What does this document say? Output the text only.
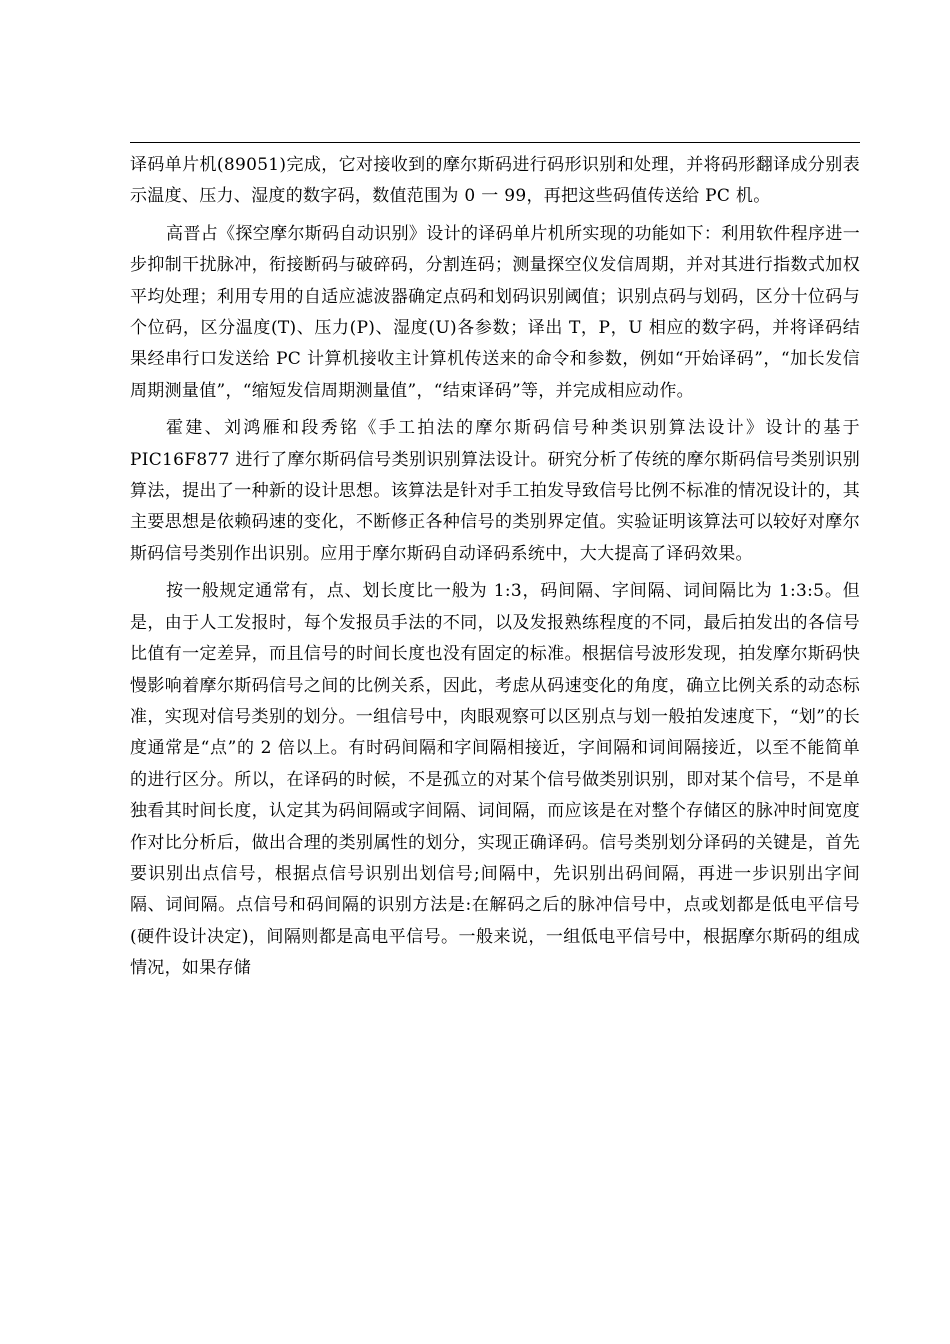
译码单片机(89051)完成，它对接收到的摩尔斯码进行码形识别和处理，并将码形翻译成分别表示温度、压力、湿度的数字码，数值范围为 0 一 99，再把这些码值传送给 PC 机。

高晋占《探空摩尔斯码自动识别》设计的译码单片机所实现的功能如下：利用软件程序进一步抑制干扰脉冲，衔接断码与破碎码，分割连码；测量探空仪发信周期，并对其进行指数式加权平均处理；利用专用的自适应滤波器确定点码和划码识别阈值；识别点码与划码，区分十位码与个位码，区分温度(T)、压力(P)、湿度(U)各参数；译出 T，P，U 相应的数字码，并将译码结果经串行口发送给 PC 计算机接收主计算机传送来的命令和参数，例如“开始译码”，“加长发信周期测量值”，“缩短发信周期测量值”，“结束译码”等，并完成相应动作。

霍建、刘鸿雁和段秀铭《手工拍法的摩尔斯码信号种类识别算法设计》设计的基于 PIC16F877 进行了摩尔斯码信号类别识别算法设计。研究分析了传统的摩尔斯码信号类别识别算法，提出了一种新的设计思想。该算法是针对手工拍发导致信号比例不标准的情况设计的，其主要思想是依赖码速的变化，不断修正各种信号的类别界定值。实验证明该算法可以较好对摩尔斯码信号类别作出识别。应用于摩尔斯码自动译码系统中，大大提高了译码效果。

按一般规定通常有，点、划长度比一般为 1:3，码间隔、字间隔、词间隔比为 1:3:5。但是，由于人工发报时，每个发报员手法的不同，以及发报熟练程度的不同，最后拍发出的各信号比值有一定差异，而且信号的时间长度也没有固定的标准。根据信号波形发现，拍发摩尔斯码快慢影响着摩尔斯码信号之间的比例关系，因此，考虑从码速变化的角度，确立比例关系的动态标准，实现对信号类别的划分。一组信号中，肉眼观察可以区别点与划一般拍发速度下，“划”的长度通常是“点”的 2 倍以上。有时码间隔和字间隔相接近，字间隔和词间隔接近，以至不能简单的进行区分。所以，在译码的时候，不是孤立的对某个信号做类别识别，即对某个信号，不是单独看其时间长度，认定其为码间隔或字间隔、词间隔，而应该是在对整个存储区的脉冲时间宽度作对比分析后，做出合理的类别属性的划分，实现正确译码。信号类别划分译码的关键是，首先要识别出点信号，根据点信号识别出划信号;间隔中，先识别出码间隔，再进一步识别出字间隔、词间隔。点信号和码间隔的识别方法是:在解码之后的脉冲信号中，点或划都是低电平信号(硬件设计决定)，间隔则都是高电平信号。一般来说，一组低电平信号中，根据摩尔斯码的组成情况，如果存储
